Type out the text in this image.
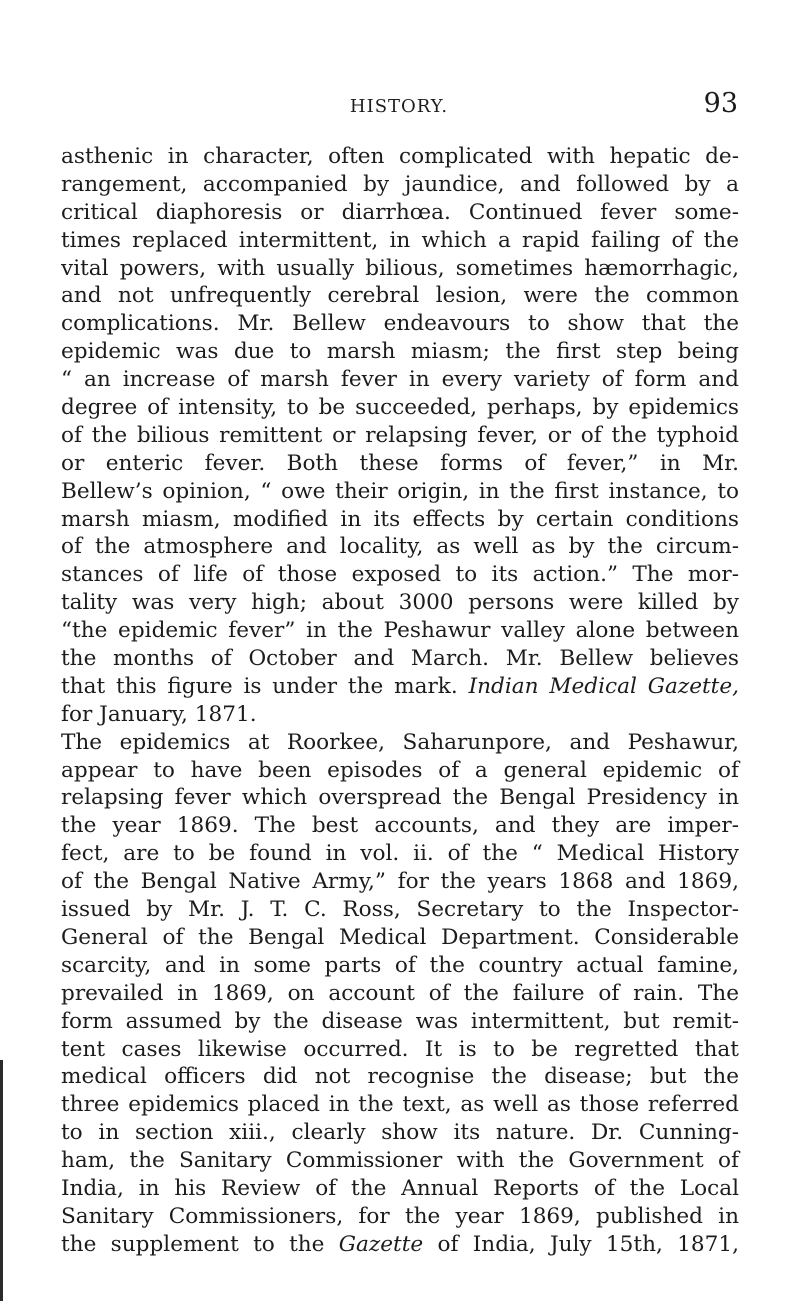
HISTORY.	93
asthenic in character, often complicated with hepatic de-
rangement, accompanied by jaundice, and followed by a
critical diaphoresis or diarrhœa. Continued fever some-
times replaced intermittent, in which a rapid failing of the
vital powers, with usually bilious, sometimes hæmorrhagic,
and not unfrequently cerebral lesion, were the common
complications. Mr. Bellew endeavours to show that the
epidemic was due to marsh miasm; the first step being
“ an increase of marsh fever in every variety of form and
degree of intensity, to be succeeded, perhaps, by epidemics
of the bilious remittent or relapsing fever, or of the typhoid
or enteric fever. Both these forms of fever,” in Mr.
Bellew’s opinion, “ owe their origin, in the first instance, to
marsh miasm, modified in its effects by certain conditions
of the atmosphere and locality, as well as by the circum-
stances of life of those exposed to its action.” The mor-
tality was very high; about 3000 persons were killed by
“the epidemic fever” in the Peshawur valley alone between
the months of October and March. Mr. Bellew believes
that this figure is under the mark. Indian Medical Gazette,
for January, 1871.
The epidemics at Roorkee, Saharunpore, and Peshawur,
appear to have been episodes of a general epidemic of
relapsing fever which overspread the Bengal Presidency in
the year 1869. The best accounts, and they are imper-
fect, are to be found in vol. ii. of the “ Medical History
of the Bengal Native Army,” for the years 1868 and 1869,
issued by Mr. J. T. C. Ross, Secretary to the Inspector-
General of the Bengal Medical Department. Considerable
scarcity, and in some parts of the country actual famine,
prevailed in 1869, on account of the failure of rain. The
form assumed by the disease was intermittent, but remit-
tent cases likewise occurred. It is to be regretted that
medical officers did not recognise the disease; but the
three epidemics placed in the text, as well as those referred
to in section xiii., clearly show its nature. Dr. Cunning-
ham, the Sanitary Commissioner with the Government of
India, in his Review of the Annual Reports of the Local
Sanitary Commissioners, for the year 1869, published in
the supplement to the Gazette of India, July 15th, 1871,
